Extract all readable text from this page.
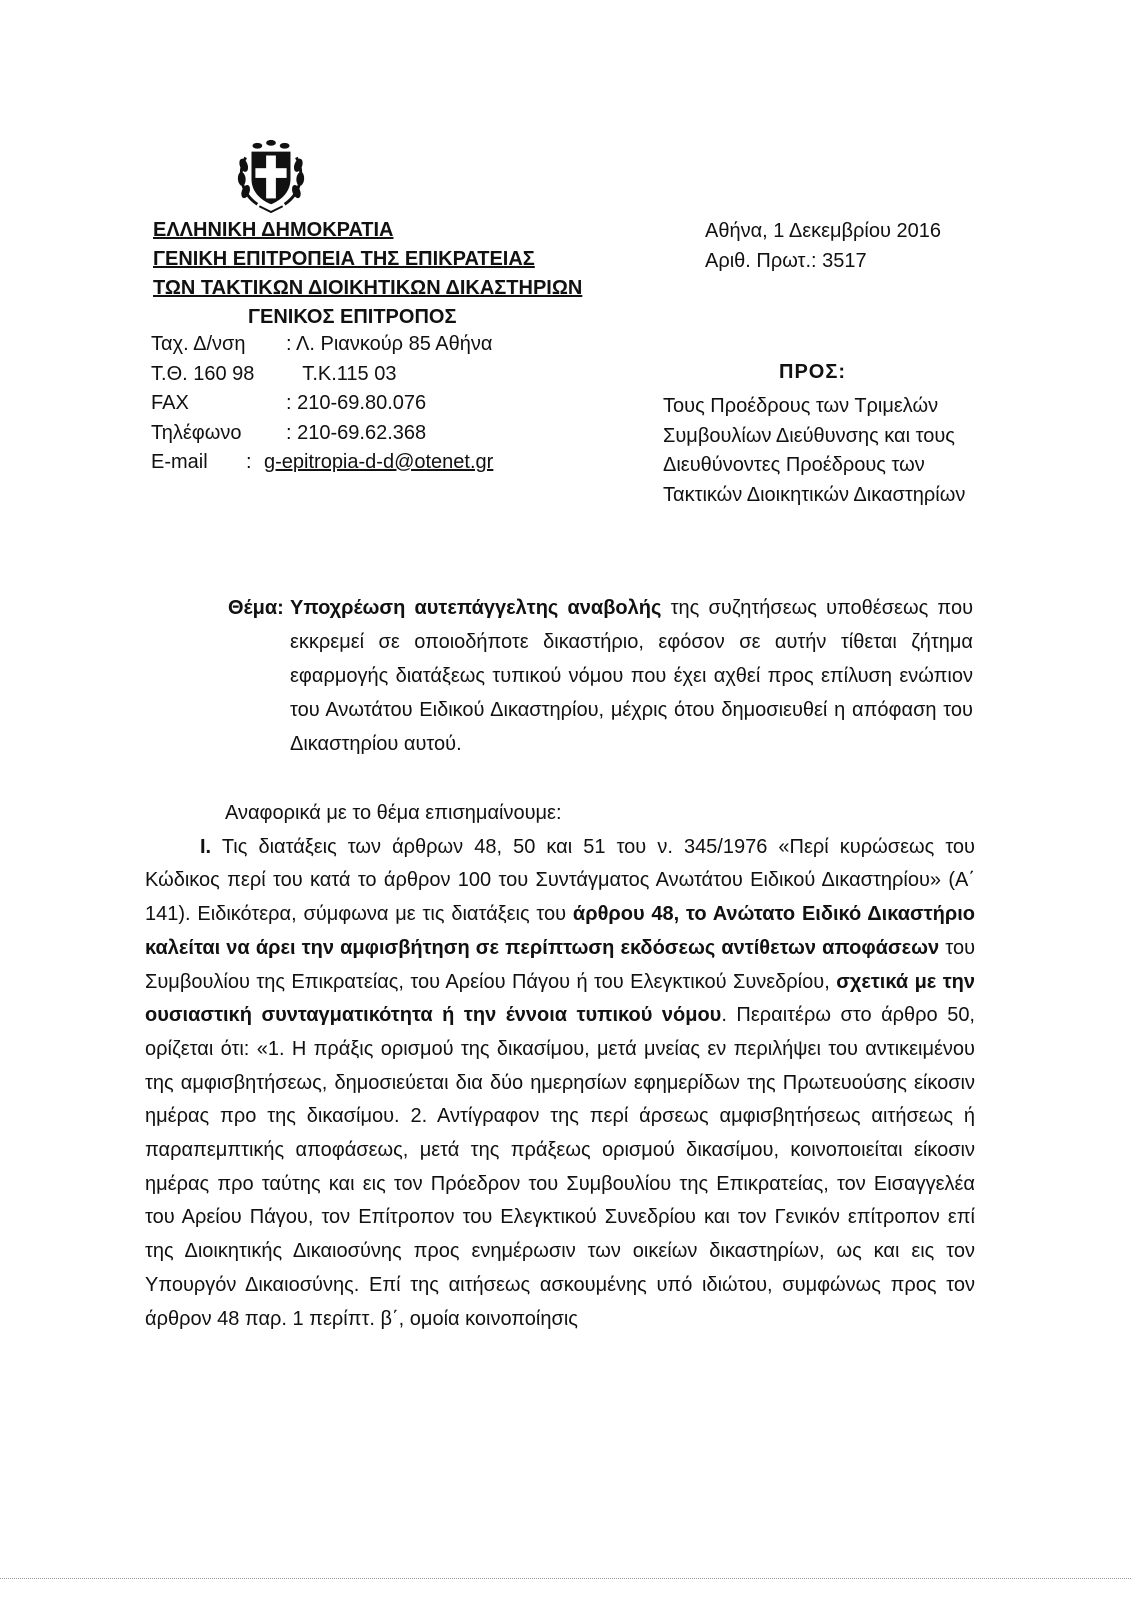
ΕΛΛΗΝΙΚΗ ΔΗΜΟΚΡΑΤΙΑ
ΓΕΝΙΚΗ ΕΠΙΤΡΟΠΕΙΑ ΤΗΣ ΕΠΙΚΡΑΤΕΙΑΣ
ΤΩΝ ΤΑΚΤΙΚΩΝ ΔΙΟΙΚΗΤΙΚΩΝ ΔΙΚΑΣΤΗΡΙΩΝ
ΓΕΝΙΚΟΣ ΕΠΙΤΡΟΠΟΣ
Αθήνα, 1 Δεκεμβρίου 2016
Αριθ. Πρωτ.: 3517
Ταχ. Δ/νση	: Λ. Ριανκούρ 85 Αθήνα
Τ.Θ. 160 98	Τ.Κ.115 03
FAX	: 210-69.80.076
Τηλέφωνο	: 210-69.62.368
E-mail	: g-epitropia-d-d@otenet.gr
ΠΡΟΣ:
Τους Προέδρους των Τριμελών
Συμβουλίων Διεύθυνσης και τους
Διευθύνοντες Προέδρους των
Τακτικών Διοικητικών Δικαστηρίων
Θέμα: Υποχρέωση αυτεπάγγελτης αναβολής της συζητήσεως υποθέσεως που εκκρεμεί σε οποιοδήποτε δικαστήριο, εφόσον σε αυτήν τίθεται ζήτημα εφαρμογής διατάξεως τυπικού νόμου που έχει αχθεί προς επίλυση ενώπιον του Ανωτάτου Ειδικού Δικαστηρίου, μέχρις ότου δημοσιευθεί η απόφαση του Δικαστηρίου αυτού.

Αναφορικά με το θέμα επισημαίνουμε:

Ι. Τις διατάξεις των άρθρων 48, 50 και 51 του ν. 345/1976 «Περί κυρώσεως του Κώδικος περί του κατά το άρθρον 100 του Συντάγματος Ανωτάτου Ειδικού Δικαστηρίου» (Α΄ 141). Ειδικότερα, σύμφωνα με τις διατάξεις του άρθρου 48, το Ανώτατο Ειδικό Δικαστήριο καλείται να άρει την αμφισβήτηση σε περίπτωση εκδόσεως αντίθετων αποφάσεων του Συμβουλίου της Επικρατείας, του Αρείου Πάγου ή του Ελεγκτικού Συνεδρίου, σχετικά με την ουσιαστική συνταγματικότητα ή την έννοια τυπικού νόμου. Περαιτέρω στο άρθρο 50, ορίζεται ότι: «1. Η πράξις ορισμού της δικασίμου, μετά μνείας εν περιλήψει του αντικειμένου της αμφισβητήσεως, δημοσιεύεται δια δύο ημερησίων εφημερίδων της Πρωτευούσης είκοσιν ημέρας προ της δικασίμου. 2. Αντίγραφον της περί άρσεως αμφισβητήσεως αιτήσεως ή παραπεμπτικής αποφάσεως, μετά της πράξεως ορισμού δικασίμου, κοινοποιείται είκοσιν ημέρας προ ταύτης και εις τον Πρόεδρον του Συμβουλίου της Επικρατείας, τον Εισαγγελέα του Αρείου Πάγου, τον Επίτροπον του Ελεγκτικού Συνεδρίου και τον Γενικόν επίτροπον επί της Διοικητικής Δικαιοσύνης προς ενημέρωσιν των οικείων δικαστηρίων, ως και εις τον Υπουργόν Δικαιοσύνης. Επί της αιτήσεως ασκουμένης υπό ιδιώτου, συμφώνως προς τον άρθρον 48 παρ. 1 περίπτ. β΄, ομοία κοινοποίησις
